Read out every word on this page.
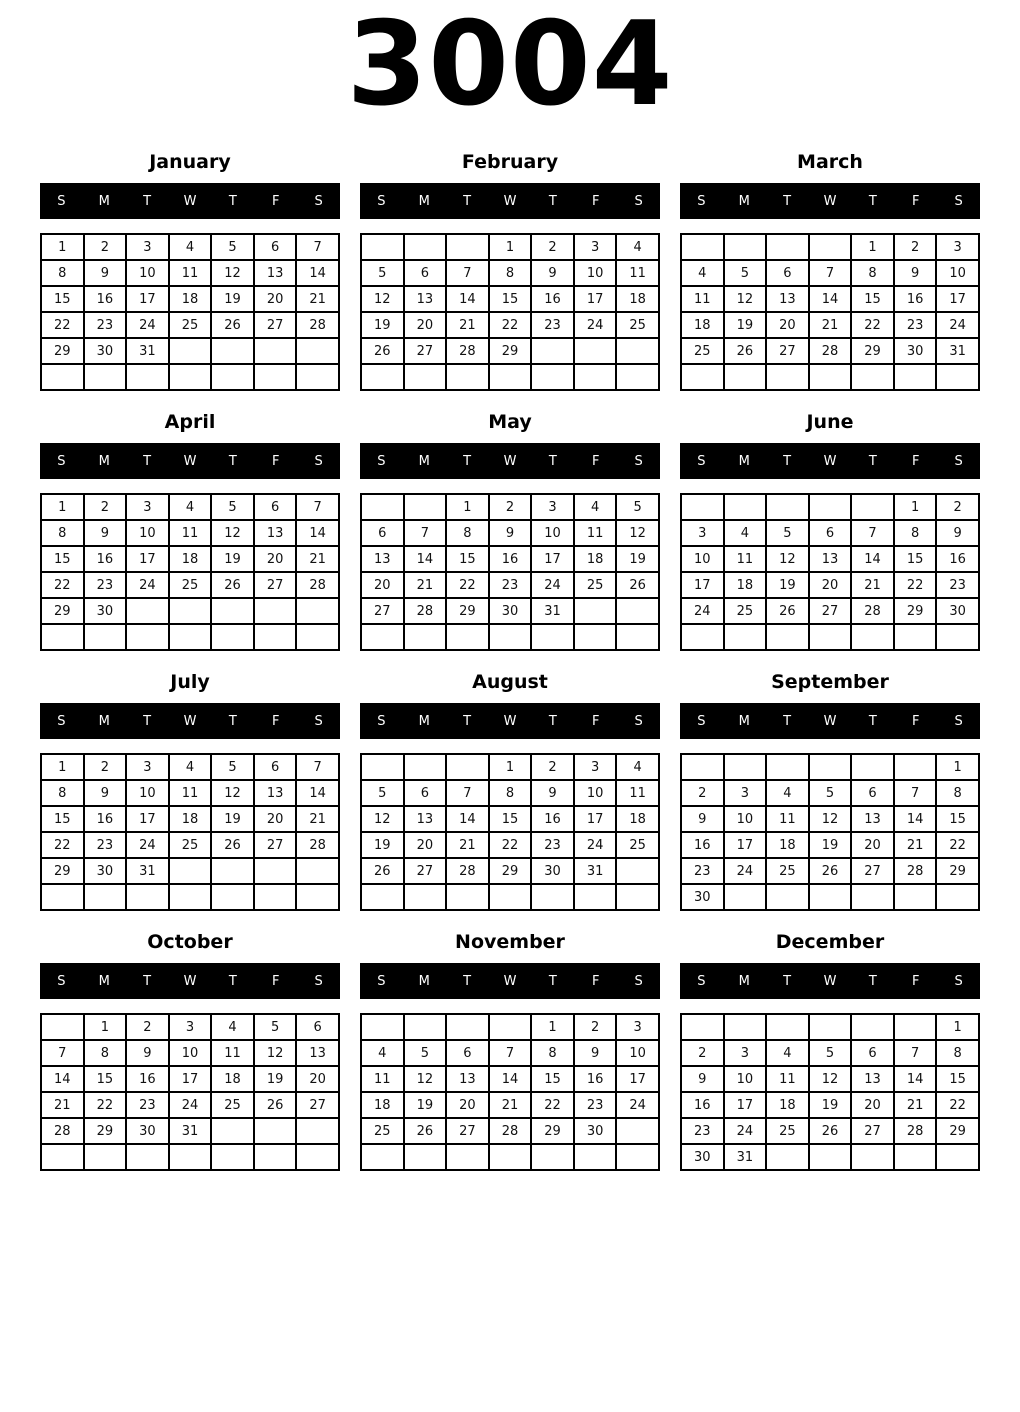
3004
January
S	M	T	W	T	F	S
1	2	3	4	5	6	7
8	9	10	11	12	13	14
15	16	17	18	19	20	21
22	23	24	25	26	27	28
29	30	31				

February
S	M	T	W	T	F	S
			1	2	3	4
5	6	7	8	9	10	11
12	13	14	15	16	17	18
19	20	21	22	23	24	25
26	27	28	29			

March
S	M	T	W	T	F	S
				1	2	3
4	5	6	7	8	9	10
11	12	13	14	15	16	17
18	19	20	21	22	23	24
25	26	27	28	29	30	31

April
S	M	T	W	T	F	S
1	2	3	4	5	6	7
8	9	10	11	12	13	14
15	16	17	18	19	20	21
22	23	24	25	26	27	28
29	30					

May
S	M	T	W	T	F	S
		1	2	3	4	5
6	7	8	9	10	11	12
13	14	15	16	17	18	19
20	21	22	23	24	25	26
27	28	29	30	31		

June
S	M	T	W	T	F	S
					1	2
3	4	5	6	7	8	9
10	11	12	13	14	15	16
17	18	19	20	21	22	23
24	25	26	27	28	29	30

July
S	M	T	W	T	F	S
1	2	3	4	5	6	7
8	9	10	11	12	13	14
15	16	17	18	19	20	21
22	23	24	25	26	27	28
29	30	31				

August
S	M	T	W	T	F	S
			1	2	3	4
5	6	7	8	9	10	11
12	13	14	15	16	17	18
19	20	21	22	23	24	25
26	27	28	29	30	31	

September
S	M	T	W	T	F	S
						1
2	3	4	5	6	7	8
9	10	11	12	13	14	15
16	17	18	19	20	21	22
23	24	25	26	27	28	29
30						
October
S	M	T	W	T	F	S
	1	2	3	4	5	6
7	8	9	10	11	12	13
14	15	16	17	18	19	20
21	22	23	24	25	26	27
28	29	30	31			

November
S	M	T	W	T	F	S
				1	2	3
4	5	6	7	8	9	10
11	12	13	14	15	16	17
18	19	20	21	22	23	24
25	26	27	28	29	30	

December
S	M	T	W	T	F	S
						1
2	3	4	5	6	7	8
9	10	11	12	13	14	15
16	17	18	19	20	21	22
23	24	25	26	27	28	29
30	31					
